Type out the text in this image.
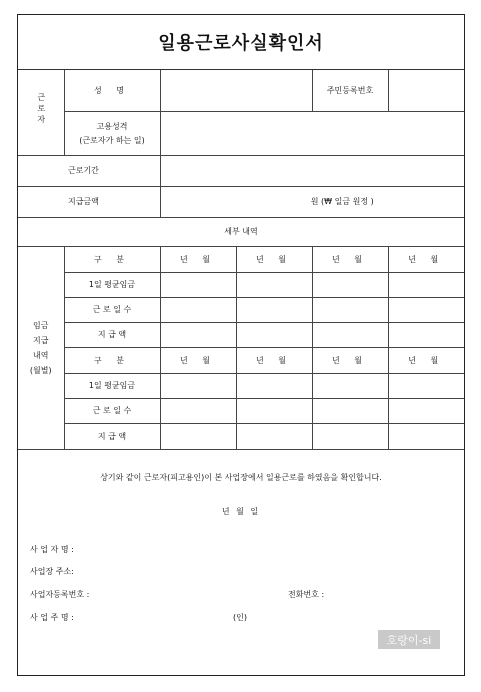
일용근로사실확인서
근로자	성 명			주민등록번호	

	고용성격
(근로자가 하는 일)				

근로기간					
지급금액		원 (₩ 일금 원정 )			
세부 내역					

임금
지급
내역
(월별)	구 분	년 월	년 월	년 월	년 월
	1일 평균임금				
	근 로 일 수				
	지 급 액				
	구 분	년 월	년 월	년 월	년 월
	1일 평균임금				
	근 로 일 수				
	지 급 액				
상기와 같이 근로자(피고용인)이 본 사업장에서 일용근로를 하였음을 확인합니다.
년 월 일
사 업 자 명 :
사업장 주소:
사업자등록번호 :	전화번호 :
사 업 주 명 :	(인)
호랑이-si
